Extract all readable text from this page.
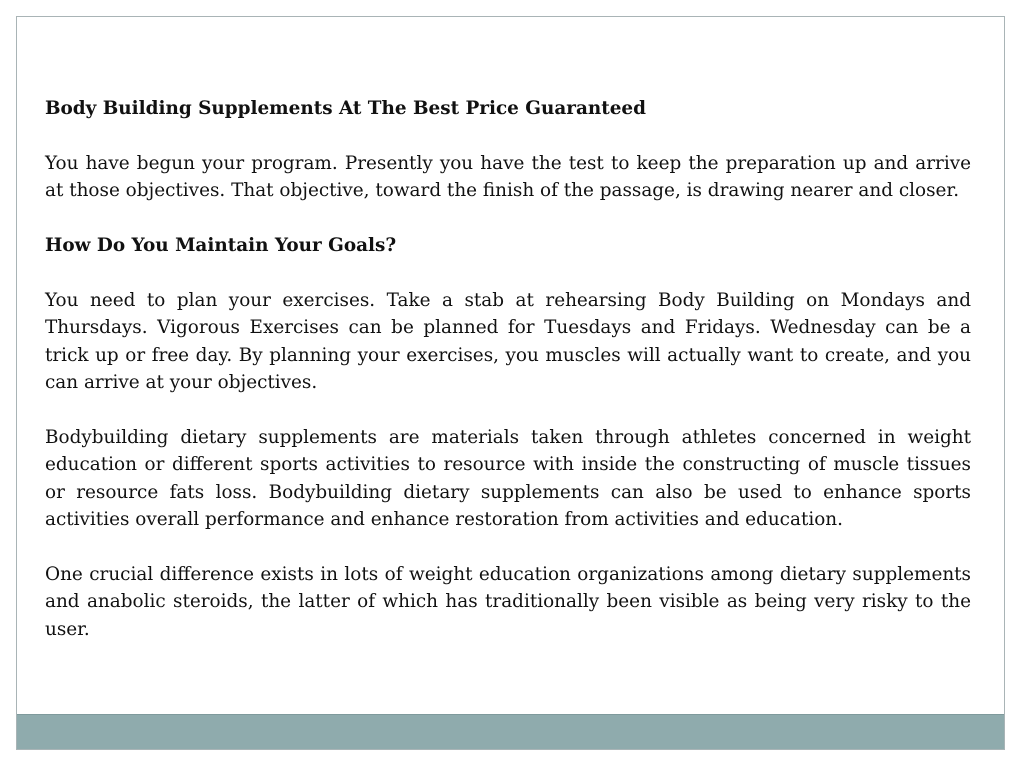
Body Building Supplements At The Best Price Guaranteed

You have begun your program. Presently you have the test to keep the preparation up and arrive at those objectives. That objective, toward the finish of the passage, is drawing nearer and closer.

How Do You Maintain Your Goals?

You need to plan your exercises. Take a stab at rehearsing Body Building on Mondays and Thursdays. Vigorous Exercises can be planned for Tuesdays and Fridays. Wednesday can be a trick up or free day. By planning your exercises, you muscles will actually want to create, and you can arrive at your objectives.

Bodybuilding dietary supplements are materials taken through athletes concerned in weight education or different sports activities to resource with inside the constructing of muscle tissues or resource fats loss. Bodybuilding dietary supplements can also be used to enhance sports activities overall performance and enhance restoration from activities and education.

One crucial difference exists in lots of weight education organizations among dietary supplements and anabolic steroids, the latter of which has traditionally been visible as being very risky to the user.
